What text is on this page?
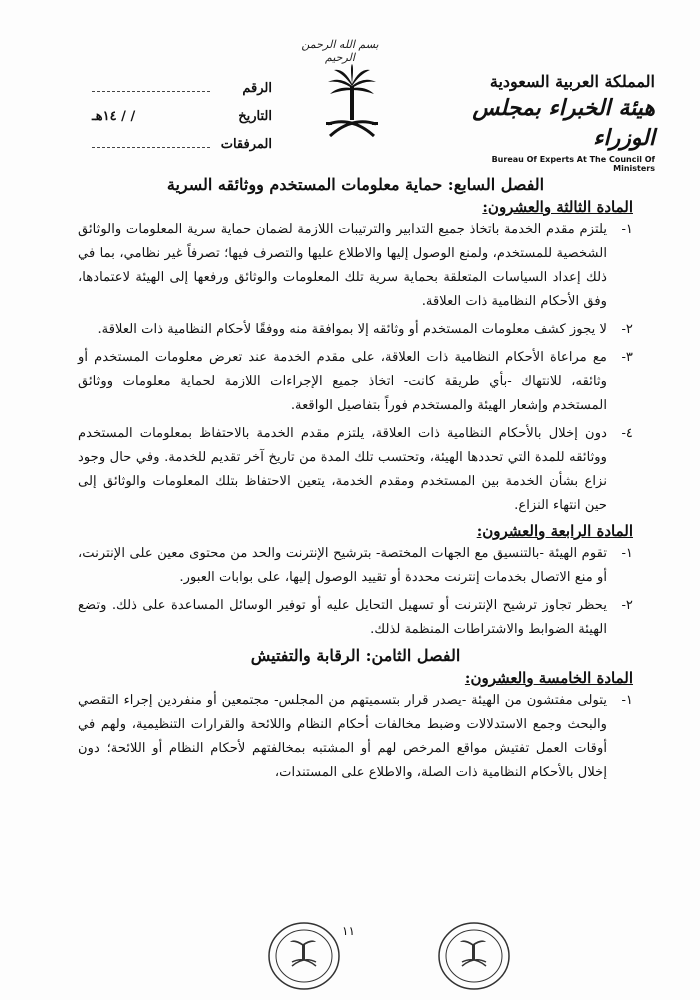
بسم الله الرحمن الرحيم
الرقم
التاريخ
/ / ١٤هـ
المرفقات
المملكة العربية السعودية
هيئة الخبراء بمجلس الوزراء
Bureau Of Experts At The Council Of Ministers
الفصل السابع: حماية معلومات المستخدم ووثائقه السرية
المادة الثالثة والعشرون:
١-
يلتزم مقدم الخدمة باتخاذ جميع التدابير والترتيبات اللازمة لضمان حماية سرية المعلومات والوثائق الشخصية للمستخدم، ولمنع الوصول إليها والاطلاع عليها والتصرف فيها؛ تصرفاً غير نظامي، بما في ذلك إعداد السياسات المتعلقة بحماية سرية تلك المعلومات والوثائق ورفعها إلى الهيئة لاعتمادها، وفق الأحكام النظامية ذات العلاقة.
٢-
لا يجوز كشف معلومات المستخدم أو وثائقه إلا بموافقة منه ووفقًا لأحكام النظامية ذات العلاقة.
٣-
مع مراعاة الأحكام النظامية ذات العلاقة، على مقدم الخدمة عند تعرض معلومات المستخدم أو وثائقه، للانتهاك -بأي طريقة كانت- اتخاذ جميع الإجراءات اللازمة لحماية معلومات ووثائق المستخدم وإشعار الهيئة والمستخدم فوراً بتفاصيل الواقعة.
٤-
دون إخلال بالأحكام النظامية ذات العلاقة، يلتزم مقدم الخدمة بالاحتفاظ بمعلومات المستخدم ووثائقه للمدة التي تحددها الهيئة، وتحتسب تلك المدة من تاريخ آخر تقديم للخدمة. وفي حال وجود نزاع بشأن الخدمة بين المستخدم ومقدم الخدمة، يتعين الاحتفاظ بتلك المعلومات والوثائق إلى حين انتهاء النزاع.
المادة الرابعة والعشرون:
١-
تقوم الهيئة -بالتنسيق مع الجهات المختصة- بترشيح الإنترنت والحد من محتوى معين على الإنترنت، أو منع الاتصال بخدمات إنترنت محددة أو تقييد الوصول إليها، على بوابات العبور.
٢-
يحظر تجاوز ترشيح الإنترنت أو تسهيل التحايل عليه أو توفير الوسائل المساعدة على ذلك. وتضع الهيئة الضوابط والاشتراطات المنظمة لذلك.
الفصل الثامن: الرقابة والتفتيش
المادة الخامسة والعشرون:
١-
يتولى مفتشون من الهيئة -يصدر قرار بتسميتهم من المجلس- مجتمعين أو منفردين إجراء التقصي والبحث وجمع الاستدلالات وضبط مخالفات أحكام النظام واللائحة والقرارات التنظيمية، ولهم في أوقات العمل تفتيش مواقع المرخص لهم أو المشتبه بمخالفتهم لأحكام النظام أو اللائحة؛ دون إخلال بالأحكام النظامية ذات الصلة، والاطلاع على المستندات،
١١
